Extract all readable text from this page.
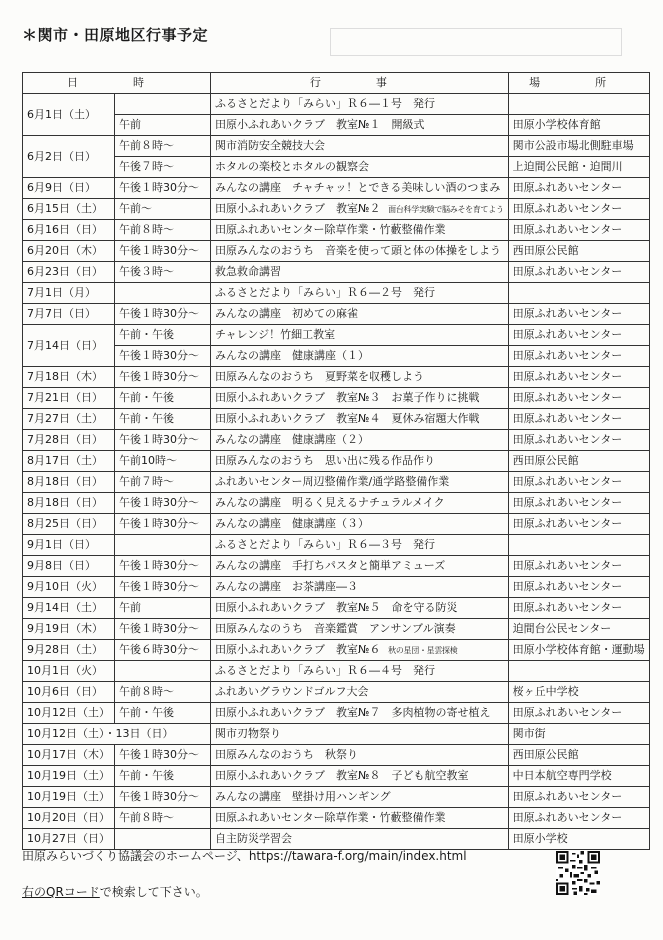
＊関市・田原地区行事予定
日　時		行　事	場　所
6月1日（土）		ふるさとだより「みらい」Ｒ６―１号　発行	
	午前	田原小ふれあいクラブ　教室№１　開級式	田原小学校体育館
6月2日（日）	午前８時～	関市消防安全競技大会	関市公設市場北側駐車場
	午後７時～	ホタルの楽校とホタルの観察会	上迫間公民館・迫間川
6月9日（日）	午後１時30分～	みんなの講座　チャチャッ！とできる美味しい酒のつまみ	田原ふれあいセンター
6月15日（土）	午前～	田原小ふれあいクラブ　教室№２　面台科学実験で脳みそを育てよう	田原ふれあいセンター
6月16日（日）	午前８時～	田原ふれあいセンター除草作業・竹藪整備作業	田原ふれあいセンター
6月20日（木）	午後１時30分～	田原みんなのおうち　音楽を使って頭と体の体操をしよう	西田原公民館
6月23日（日）	午後３時～	救急救命講習	田原ふれあいセンター
7月1日（月）		ふるさとだより「みらい」Ｒ６―２号　発行	
7月7日（日）	午後１時30分～	みんなの講座　初めての麻雀	田原ふれあいセンター
7月14日（日）	午前・午後	チャレンジ！竹細工教室	田原ふれあいセンター
	午後１時30分～	みんなの講座　健康講座（１）	田原ふれあいセンター
7月18日（木）	午後１時30分～	田原みんなのおうち　夏野菜を収穫しよう	田原ふれあいセンター
7月21日（日）	午前・午後	田原小ふれあいクラブ　教室№３　お菓子作りに挑戦	田原ふれあいセンター
7月27日（土）	午前・午後	田原小ふれあいクラブ　教室№４　夏休み宿題大作戦	田原ふれあいセンター
7月28日（日）	午後１時30分～	みんなの講座　健康講座（２）	田原ふれあいセンター
8月17日（土）	午前10時～	田原みんなのおうち　思い出に残る作品作り	西田原公民館
8月18日（日）	午前７時～	ふれあいセンター周辺整備作業/通学路整備作業	田原ふれあいセンター
8月18日（日）	午後１時30分～	みんなの講座　明るく見えるナチュラルメイク	田原ふれあいセンター
8月25日（日）	午後１時30分～	みんなの講座　健康講座（３）	田原ふれあいセンター
9月1日（日）		ふるさとだより「みらい」Ｒ６―３号　発行	
9月8日（日）	午後１時30分～	みんなの講座　手打ちパスタと簡単アミューズ	田原ふれあいセンター
9月10日（火）	午後１時30分～	みんなの講座　お茶講座―３	田原ふれあいセンター
9月14日（土）	午前	田原小ふれあいクラブ　教室№５　命を守る防災	田原ふれあいセンター
9月19日（木）	午後１時30分～	田原みんなのうち　音楽鑑賞　アンサンブル演奏	迫間台公民センター
9月28日（土）	午後６時30分～	田原小ふれあいクラブ　教室№６　秋の星団・星雲探検	田原小学校体育館・運動場
10月1日（火）		ふるさとだより「みらい」Ｒ６―４号　発行	
10月6日（日）	午前８時～	ふれあいグラウンドゴルフ大会	桜ヶ丘中学校
10月12日（土）	午前・午後	田原小ふれあいクラブ　教室№７　多肉植物の寄せ植え	田原ふれあいセンター
10月12日（土）・13日（日）		関市刃物祭り	関市街
10月17日（木）	午後１時30分～	田原みんなのおうち　秋祭り	西田原公民館
10月19日（土）	午前・午後	田原小ふれあいクラブ　教室№８　子ども航空教室	中日本航空専門学校
10月19日（土）	午後１時30分～	みんなの講座　壁掛け用ハンギング	田原ふれあいセンター
10月20日（日）	午前８時～	田原ふれあいセンター除草作業・竹藪整備作業	田原ふれあいセンター
10月27日（日）		自主防災学習会	田原小学校
田原みらいづくり協議会のホームページ、https://tawara-f.org/main/index.html
右のQRコードで検索して下さい。
